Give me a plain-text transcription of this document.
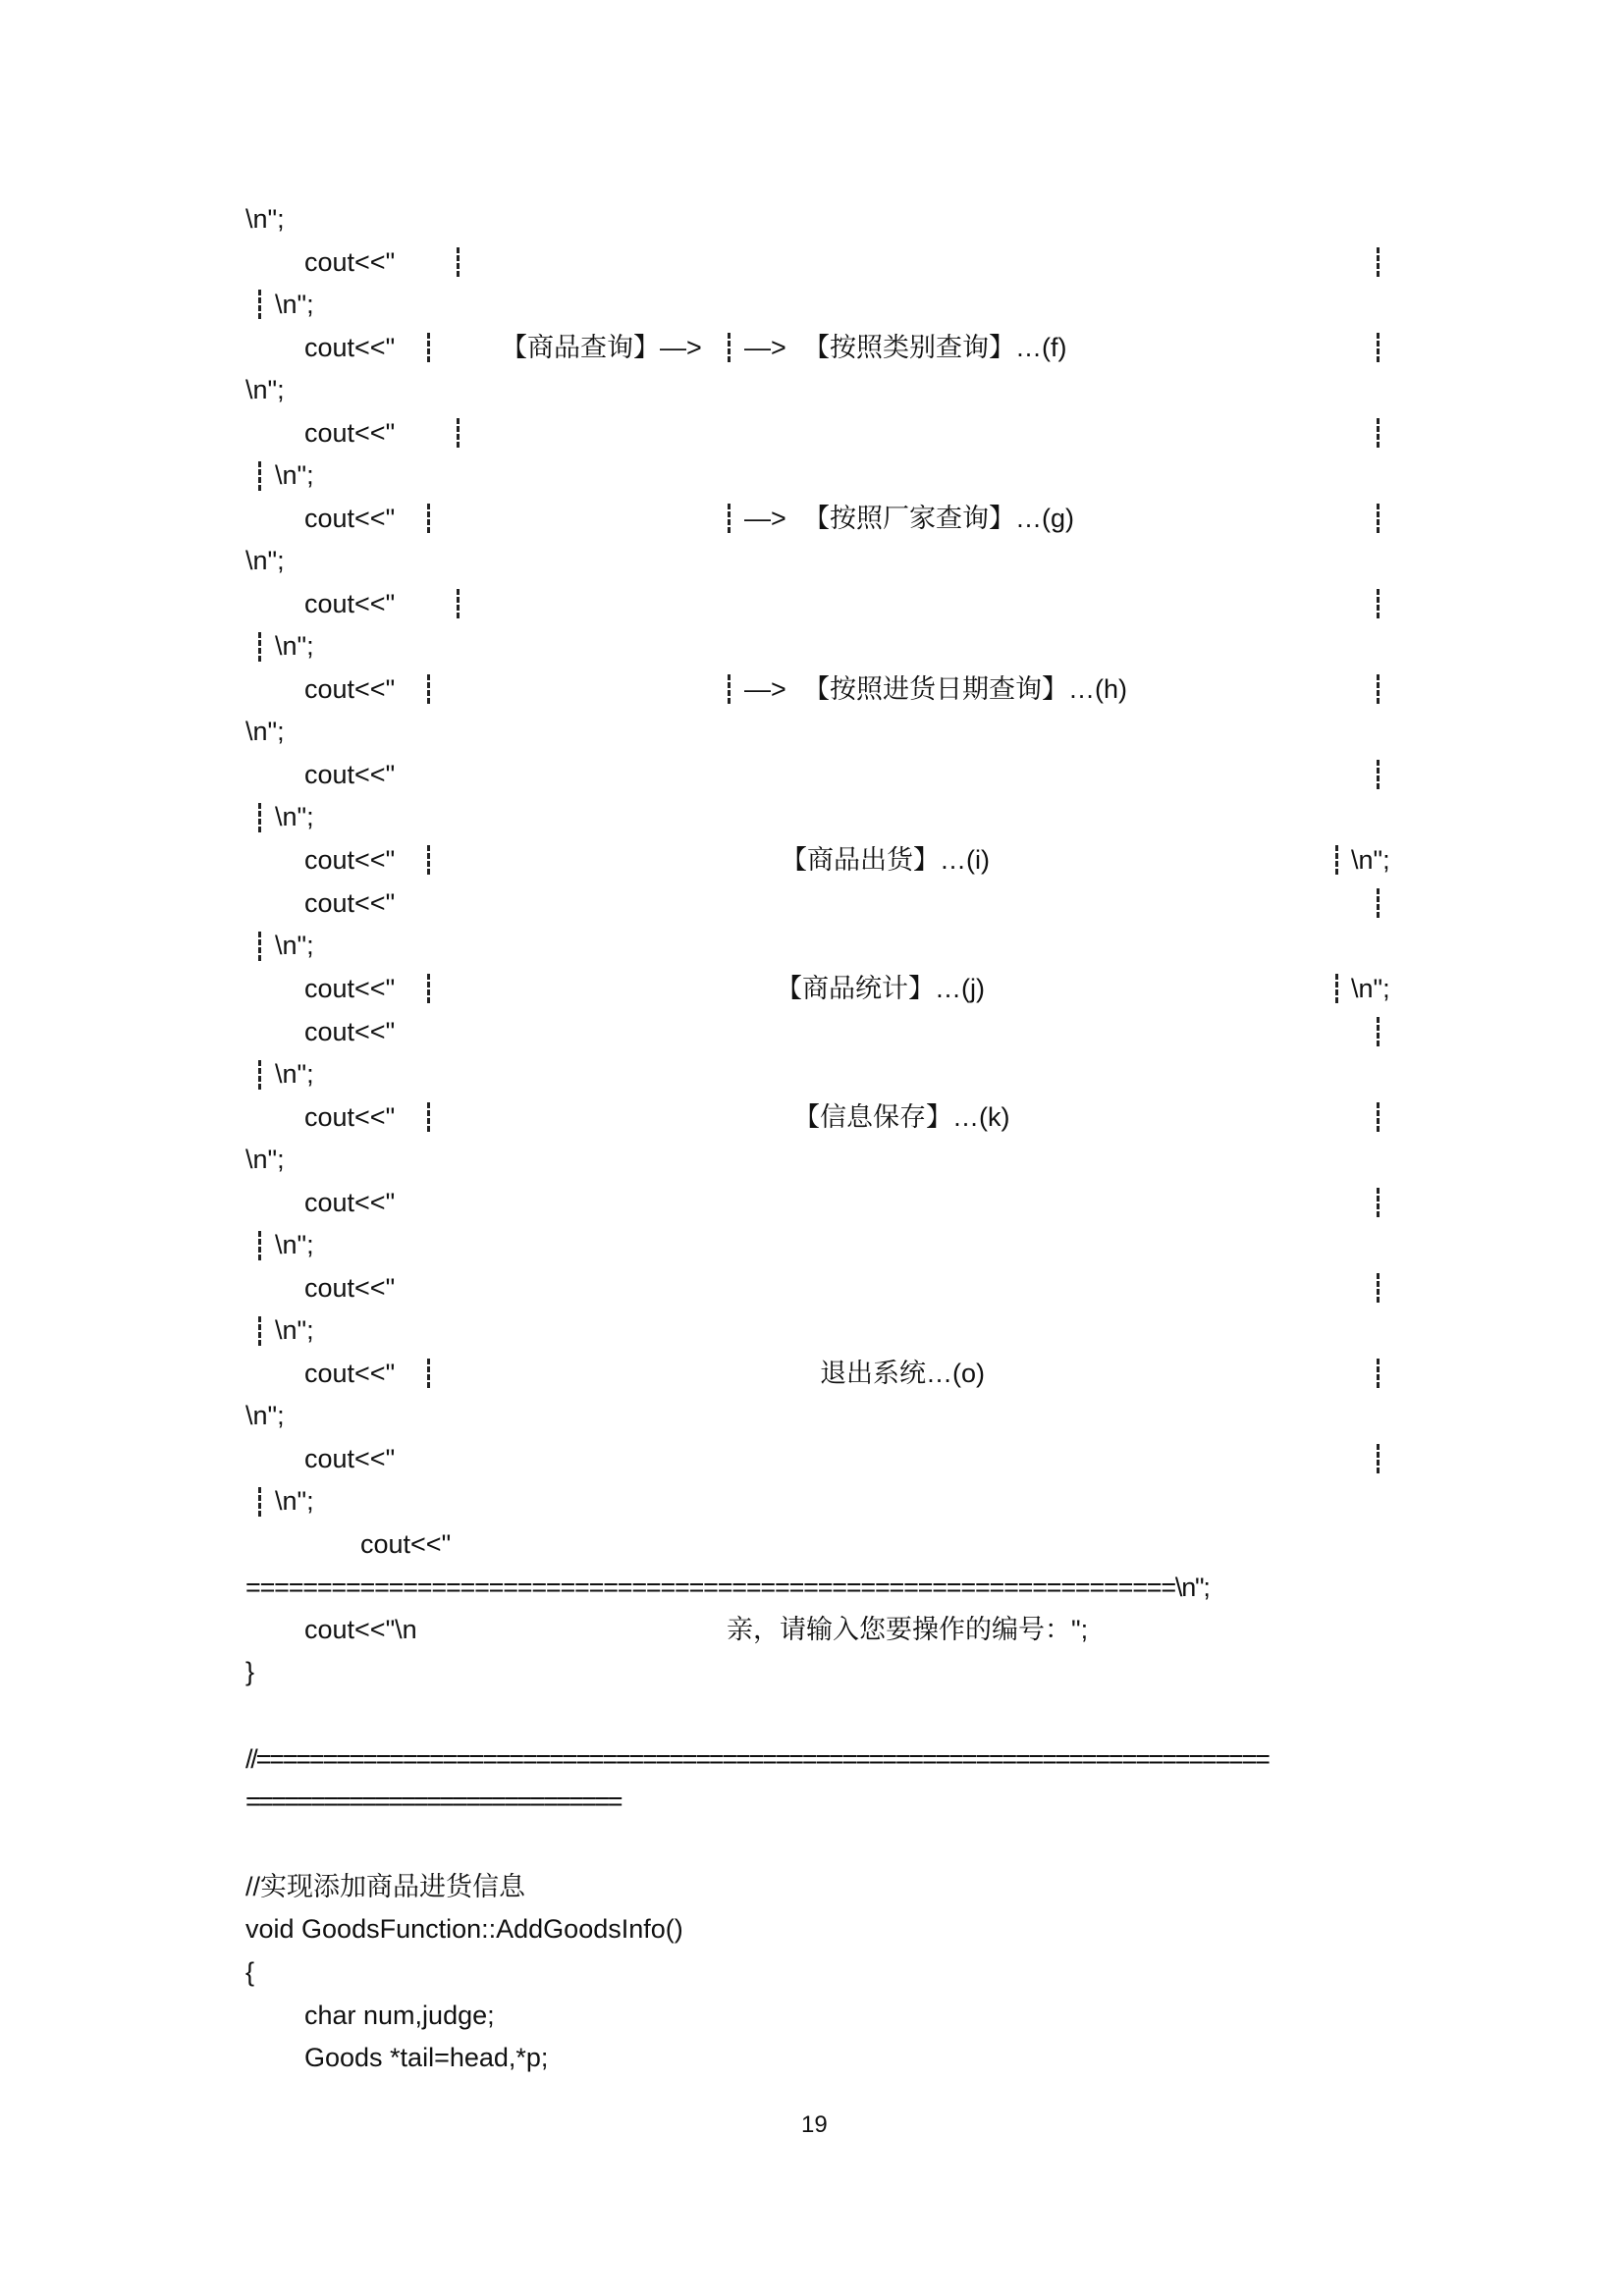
\n";
cout<<"
\n";
cout<<"	【商品查询】—> —> 【按照类别查询】…(f)
\n";
cout<<"
\n";
cout<<"	—> 【按照厂家查询】…(g)
\n";
cout<<"
\n";
cout<<"	—> 【按照进货日期查询】…(h)
\n";
cout<<"
\n";
cout<<"	【商品出货】…(i)	\n";
cout<<"
\n";
cout<<"	【商品统计】…(j)	\n";
cout<<"
\n";
cout<<"	【信息保存】…(k)
\n";
cout<<"
\n";
cout<<"
\n";
cout<<"	退出系统…(o)
\n";
cout<<"
\n";
cout<<"
=================================================================\n";
cout<<"\n	亲，请输入您要操作的编号：";
}
//============================================================================
=============================
//实现添加商品进货信息
void GoodsFunction::AddGoodsInfo()
{
char num,judge;
Goods *tail=head,*p;
19
